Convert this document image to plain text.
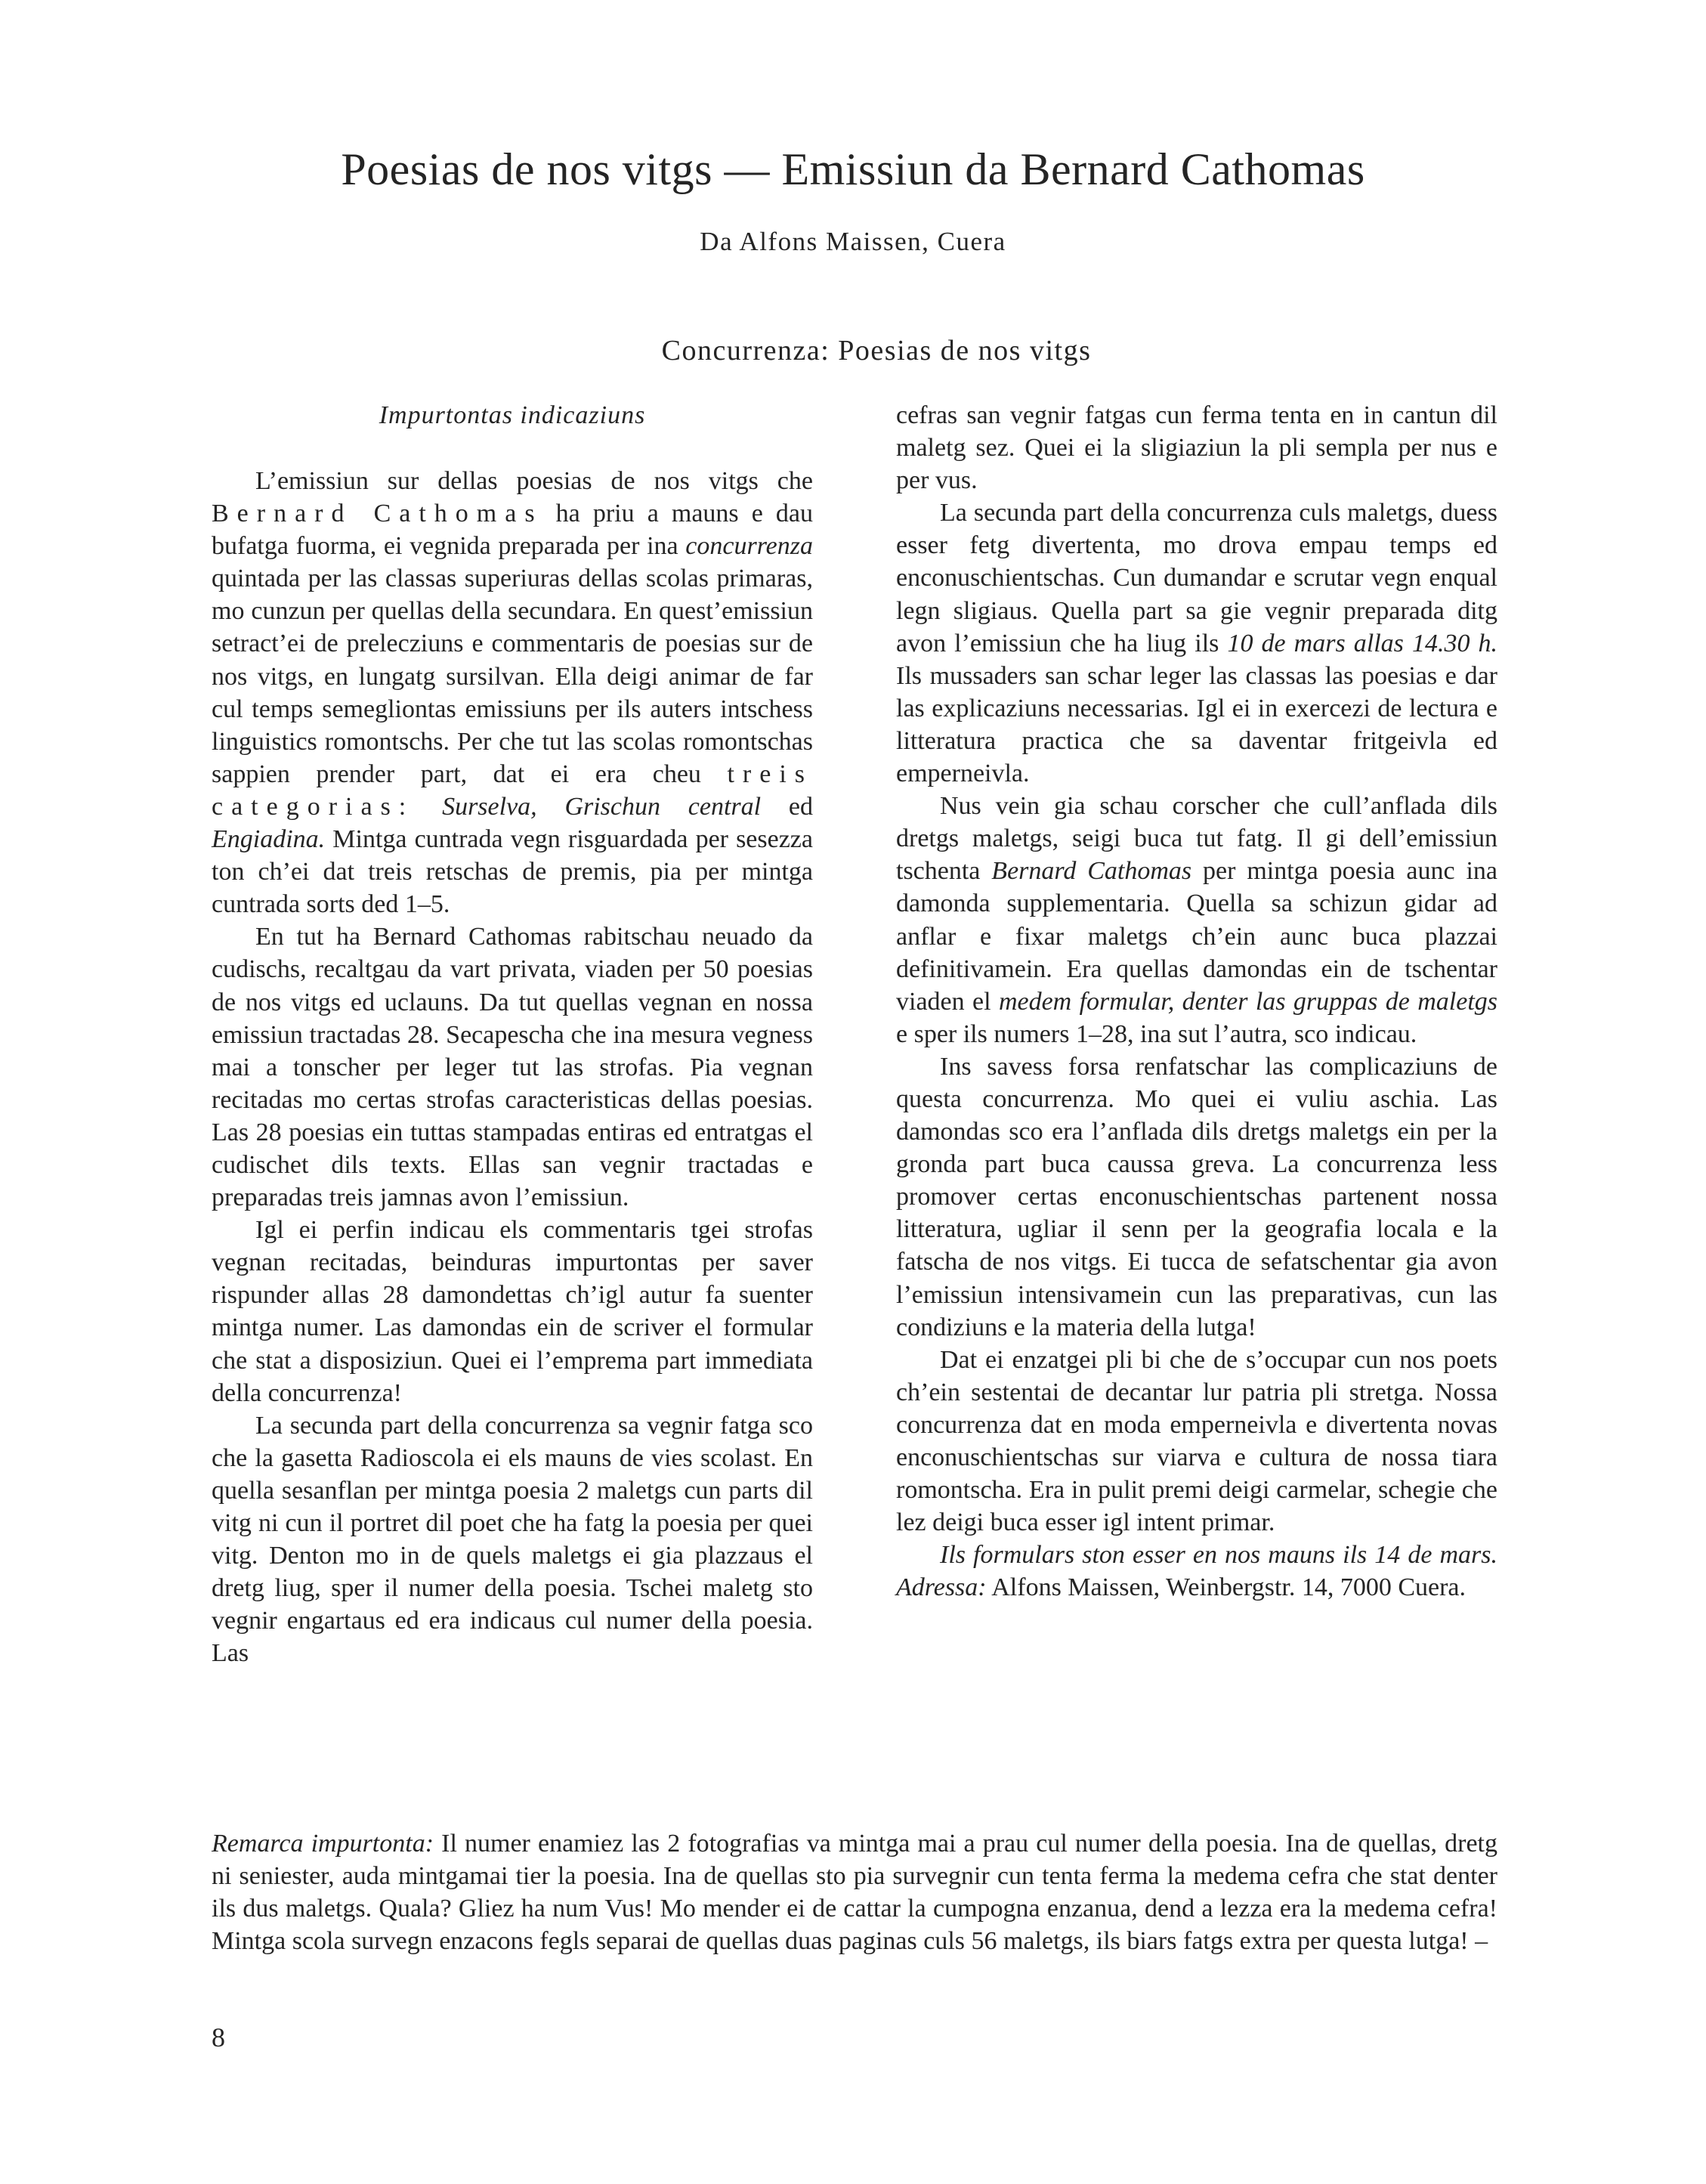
Poesias de nos vitgs — Emissiun da Bernard Cathomas
Da Alfons Maissen, Cuera
Concurrenza: Poesias de nos vitgs
Impurtontas indicaziuns

L’emissiun sur dellas poesias de nos vitgs che Bernard Cathomas ha priu a mauns e dau bufatga fuorma, ei vegnida preparada per ina concurrenza quintada per las classas superiuras dellas scolas primaras, mo cunzun per quellas della secundara. En quest’emissiun setract’ei de prelecziuns e commentaris de poesias sur de nos vitgs, en lungatg sursilvan. Ella deigi animar de far cul temps semegliontas emissiuns per ils auters intschess linguistics romontschs. Per che tut las scolas romontschas sappien prender part, dat ei era cheu treis categorias: Surselva, Grischun central ed Engiadina. Mintga cuntrada vegn risguardada per sesezza ton ch’ei dat treis retschas de premis, pia per mintga cuntrada sorts ded 1–5.

En tut ha Bernard Cathomas rabitschau neuado da cudischs, recaltgau da vart privata, viaden per 50 poesias de nos vitgs ed uclauns. Da tut quellas vegnan en nossa emissiun tractadas 28. Secapescha che ina mesura vegness mai a tonscher per leger tut las strofas. Pia vegnan recitadas mo certas strofas caracteristicas dellas poesias. Las 28 poesias ein tuttas stampadas entiras ed entratgas el cudischet dils texts. Ellas san vegnir tractadas e preparadas treis jamnas avon l’emissiun.

Igl ei perfin indicau els commentaris tgei strofas vegnan recitadas, beinduras impurtontas per saver rispunder allas 28 damondettas ch’igl autur fa suenter mintga numer. Las damondas ein de scriver el formular che stat a disposiziun. Quei ei l’emprema part immediata della concurrenza!

La secunda part della concurrenza sa vegnir fatga sco che la gasetta Radioscola ei els mauns de vies scolast. En quella sesanflan per mintga poesia 2 maletgs cun parts dil vitg ni cun il portret dil poet che ha fatg la poesia per quei vitg. Denton mo in de quels maletgs ei gia plazzaus el dretg liug, sper il numer della poesia. Tschei maletg sto vegnir engartaus ed era indicaus cul numer della poesia. Las

cefras san vegnir fatgas cun ferma tenta en in cantun dil maletg sez. Quei ei la sligiaziun la pli sempla per nus e per vus.

La secunda part della concurrenza culs maletgs, duess esser fetg divertenta, mo drova empau temps ed enconuschientschas. Cun dumandar e scrutar vegn enqual legn sligiaus. Quella part sa gie vegnir preparada ditg avon l’emissiun che ha liug ils 10 de mars allas 14.30 h. Ils mussaders san schar leger las classas las poesias e dar las explicaziuns necessarias. Igl ei in exercezi de lectura e litteratura practica che sa daventar fritgeivla ed emperneivla.

Nus vein gia schau corscher che cull’anflada dils dretgs maletgs, seigi buca tut fatg. Il gi dell’emissiun tschenta Bernard Cathomas per mintga poesia aunc ina damonda supplementaria. Quella sa schizun gidar ad anflar e fixar maletgs ch’ein aunc buca plazzai definitivamein. Era quellas damondas ein de tschentar viaden el medem formular, denter las gruppas de maletgs e sper ils numers 1–28, ina sut l’autra, sco indicau.

Ins savess forsa renfatschar las complicaziuns de questa concurrenza. Mo quei ei vuliu aschia. Las damondas sco era l’anflada dils dretgs maletgs ein per la gronda part buca caussa greva. La concurrenza less promover certas enconuschientschas partenent nossa litteratura, ugliar il senn per la geografia locala e la fatscha de nos vitgs. Ei tucca de sefatschentar gia avon l’emissiun intensivamein cun las preparativas, cun las condiziuns e la materia della lutga!

Dat ei enzatgei pli bi che de s’occupar cun nos poets ch’ein sestentai de decantar lur patria pli stretga. Nossa concurrenza dat en moda emperneivla e divertenta novas enconuschientschas sur viarva e cultura de nossa tiara romontscha. Era in pulit premi deigi carmelar, schegie che lez deigi buca esser igl intent primar.

Ils formulars ston esser en nos mauns ils 14 de mars. Adressa: Alfons Maissen, Weinbergstr. 14, 7000 Cuera.

Remarca impurtonta: Il numer enamiez las 2 fotografias va mintga mai a prau cul numer della poesia. Ina de quellas, dretg ni seniester, auda mintgamai tier la poesia. Ina de quellas sto pia survegnir cun tenta ferma la medema cefra che stat denter ils dus maletgs. Quala? Gliez ha num Vus! Mo mender ei de cattar la cumpogna enzanua, dend a lezza era la medema cefra! Mintga scola survegn enzacons fegls separai de quellas duas paginas culs 56 maletgs, ils biars fatgs extra per questa lutga! –

8
